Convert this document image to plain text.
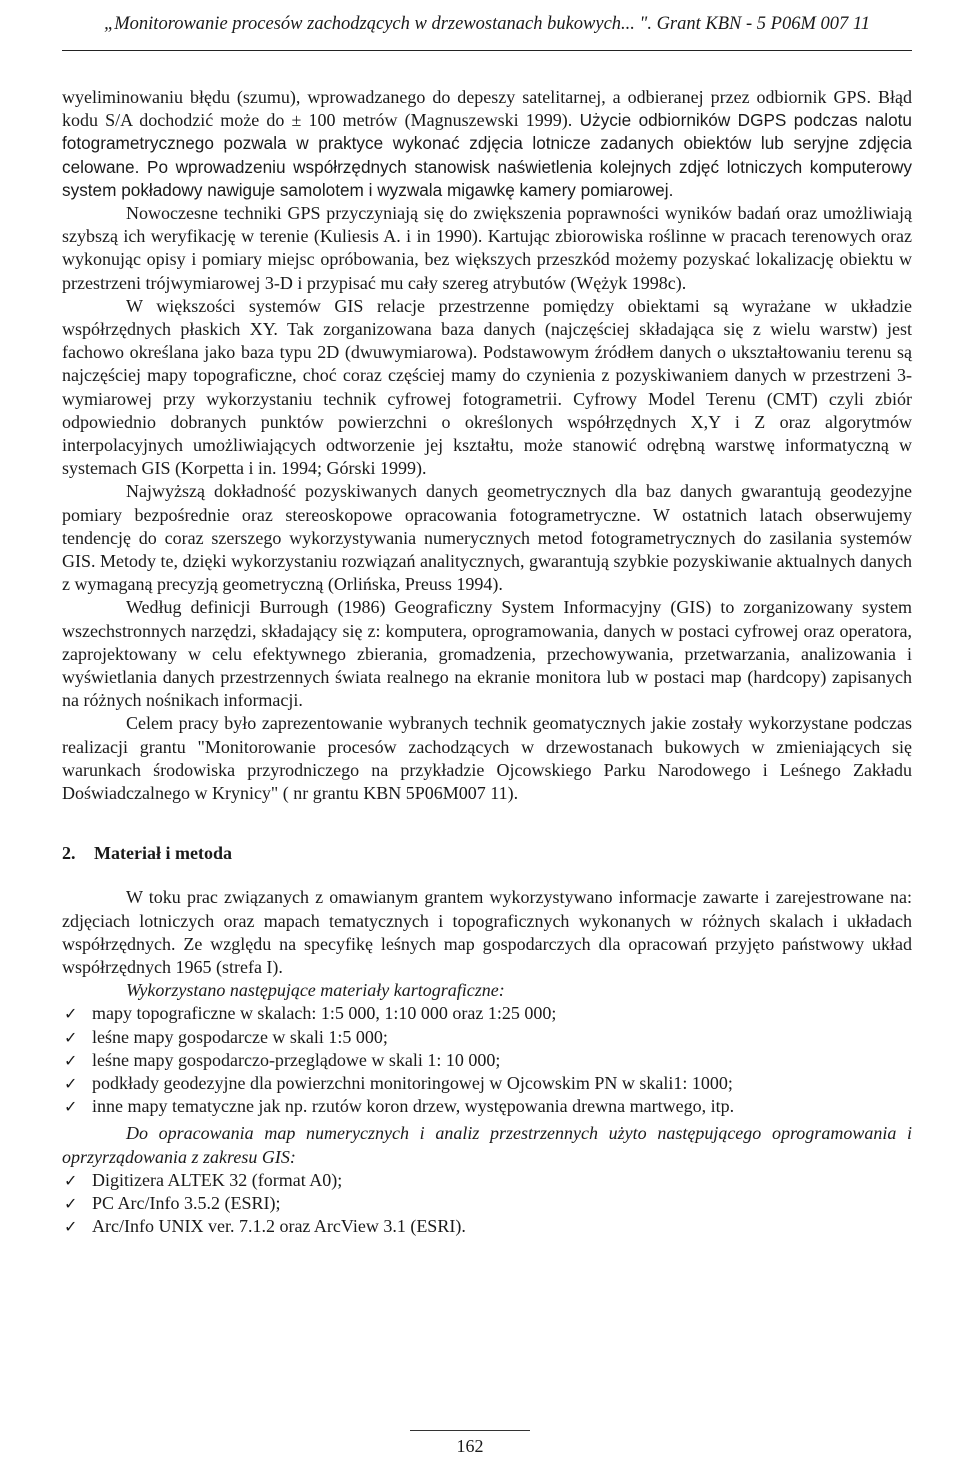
„Monitorowanie procesów zachodzących w drzewostanach bukowych... ". Grant KBN - 5 P06M 007 11

wyeliminowaniu błędu (szumu), wprowadzanego do depeszy satelitarnej, a odbieranej przez odbiornik GPS. Błąd kodu S/A dochodzić może do ± 100 metrów (Magnuszewski 1999). Użycie odbiorników DGPS podczas nalotu fotogrametrycznego pozwala w praktyce wykonać zdjęcia lotnicze zadanych obiektów lub seryjne zdjęcia celowane. Po wprowadzeniu współrzędnych stanowisk naświetlenia kolejnych zdjęć lotniczych komputerowy system pokładowy nawiguje samolotem i wyzwala migawkę kamery pomiarowej.

Nowoczesne techniki GPS przyczyniają się do zwiększenia poprawności wyników badań oraz umożliwiają szybszą ich weryfikację w terenie (Kuliesis A. i in 1990). Kartując zbiorowiska roślinne w pracach terenowych oraz wykonując opisy i pomiary miejsc opróbowania, bez większych przeszkód możemy pozyskać lokalizację obiektu w przestrzeni trójwymiarowej 3-D i przypisać mu cały szereg atrybutów (Wężyk 1998c).

W większości systemów GIS relacje przestrzenne pomiędzy obiektami są wyrażane w układzie współrzędnych płaskich XY. Tak zorganizowana baza danych (najczęściej składająca się z wielu warstw) jest fachowo określana jako baza typu 2D (dwuwymiarowa). Podstawowym źródłem danych o ukształtowaniu terenu są najczęściej mapy topograficzne, choć coraz częściej mamy do czynienia z pozyskiwaniem danych w przestrzeni 3-wymiarowej przy wykorzystaniu technik cyfrowej fotogrametrii. Cyfrowy Model Terenu (CMT) czyli zbiór odpowiednio dobranych punktów powierzchni o określonych współrzędnych X,Y i Z oraz algorytmów interpolacyjnych umożliwiających odtworzenie jej kształtu, może stanowić odrębną warstwę informatyczną w systemach GIS (Korpetta i in. 1994; Górski 1999).

Najwyższą dokładność pozyskiwanych danych geometrycznych dla baz danych gwarantują geodezyjne pomiary bezpośrednie oraz stereoskopowe opracowania fotogrametryczne. W ostatnich latach obserwujemy tendencję do coraz szerszego wykorzystywania numerycznych metod fotogrametrycznych do zasilania systemów GIS. Metody te, dzięki wykorzystaniu rozwiązań analitycznych, gwarantują szybkie pozyskiwanie aktualnych danych z wymaganą precyzją geometryczną (Orlińska, Preuss 1994).

Według definicji Burrough (1986) Geograficzny System Informacyjny (GIS) to zorganizowany system wszechstronnych narzędzi, składający się z: komputera, oprogramowania, danych w postaci cyfrowej oraz operatora, zaprojektowany w celu efektywnego zbierania, gromadzenia, przechowywania, przetwarzania, analizowania i wyświetlania danych przestrzennych świata realnego na ekranie monitora lub w postaci map (hardcopy) zapisanych na różnych nośnikach informacji.

Celem pracy było zaprezentowanie wybranych technik geomatycznych jakie zostały wykorzystane podczas realizacji grantu "Monitorowanie procesów zachodzących w drzewostanach bukowych w zmieniających się warunkach środowiska przyrodniczego na przykładzie Ojcowskiego Parku Narodowego i Leśnego Zakładu Doświadczalnego w Krynicy" ( nr grantu KBN 5P06M007 11).

2. Materiał i metoda

W toku prac związanych z omawianym grantem wykorzystywano informacje zawarte i zarejestrowane na: zdjęciach lotniczych oraz mapach tematycznych i topograficznych wykonanych w różnych skalach i układach współrzędnych. Ze względu na specyfikę leśnych map gospodarczych dla opracowań przyjęto państwowy układ współrzędnych 1965 (strefa I).

Wykorzystano następujące materiały kartograficzne:

✓ mapy topograficzne w skalach: 1:5 000, 1:10 000 oraz 1:25 000;
✓ leśne mapy gospodarcze w skali 1:5 000;
✓ leśne mapy gospodarczo-przeglądowe w skali 1: 10 000;
✓ podkłady geodezyjne dla powierzchni monitoringowej w Ojcowskim PN w skali1: 1000;
✓ inne mapy tematyczne jak np. rzutów koron drzew, występowania drewna martwego, itp.

Do opracowania map numerycznych i analiz przestrzennych użyto następującego oprogramowania i oprzyrządowania z zakresu GIS:

✓ Digitizera ALTEK 32 (format A0);
✓ PC Arc/Info 3.5.2 (ESRI);
✓ Arc/Info UNIX ver. 7.1.2 oraz ArcView 3.1 (ESRI).
162
